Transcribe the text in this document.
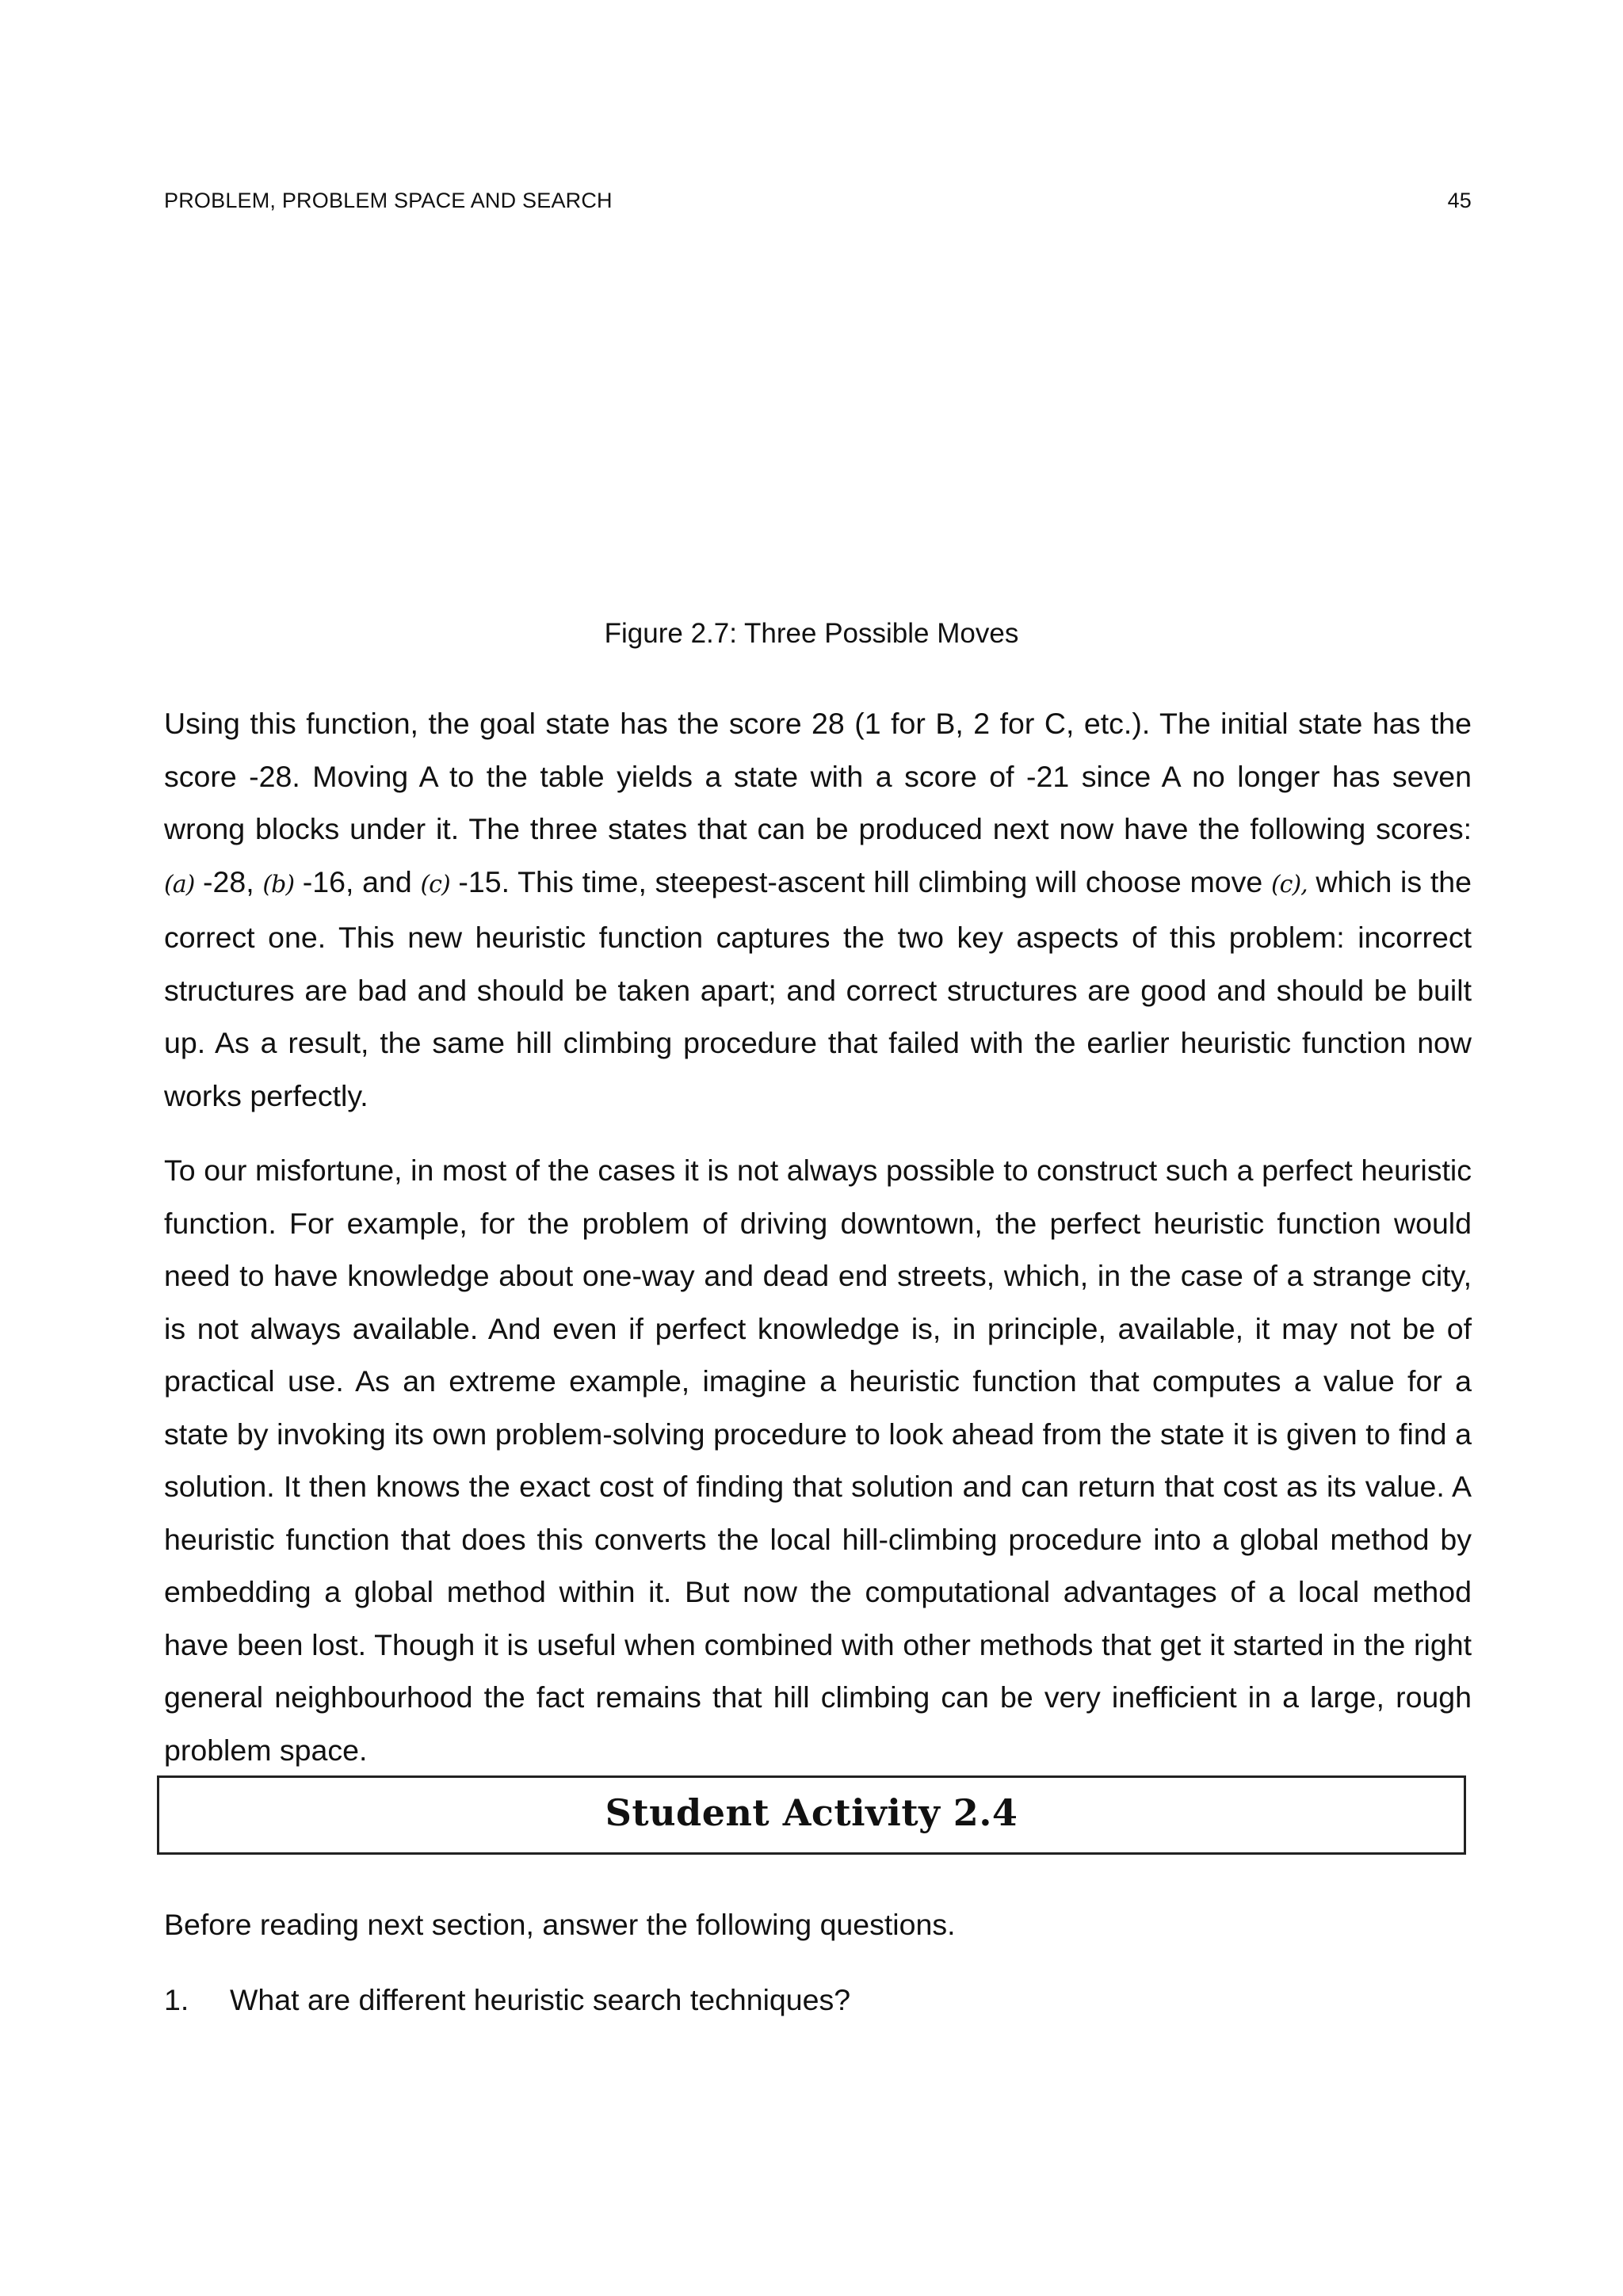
PROBLEM, PROBLEM SPACE AND SEARCH	45
Figure 2.7: Three Possible Moves

Using this function, the goal state has the score 28 (1 for B, 2 for C, etc.). The initial state has the score -28. Moving A to the table yields a state with a score of -21 since A no longer has seven wrong blocks under it. The three states that can be produced next now have the following scores: (a) -28, (b) -16, and (c) -15. This time, steepest-ascent hill climbing will choose move (c), which is the correct one. This new heuristic function captures the two key aspects of this problem: incorrect structures are bad and should be taken apart; and correct structures are good and should be built up. As a result, the same hill climbing procedure that failed with the earlier heuristic function now works perfectly.

To our misfortune, in most of the cases it is not always possible to construct such a perfect heuristic function. For example, for the problem of driving downtown, the perfect heuristic function would need to have knowledge about one-way and dead end streets, which, in the case of a strange city, is not always available. And even if perfect knowledge is, in principle, available, it may not be of practical use. As an extreme example, imagine a heuristic function that computes a value for a state by invoking its own problem-solving procedure to look ahead from the state it is given to find a solution. It then knows the exact cost of finding that solution and can return that cost as its value. A heuristic function that does this converts the local hill-climbing procedure into a global method by embedding a global method within it. But now the computational advantages of a local method have been lost. Though it is useful when combined with other methods that get it started in the right general neighbourhood the fact remains that hill climbing can be very inefficient in a large, rough problem space.

Student Activity 2.4
Before reading next section, answer the following questions.
1. What are different heuristic search techniques?
